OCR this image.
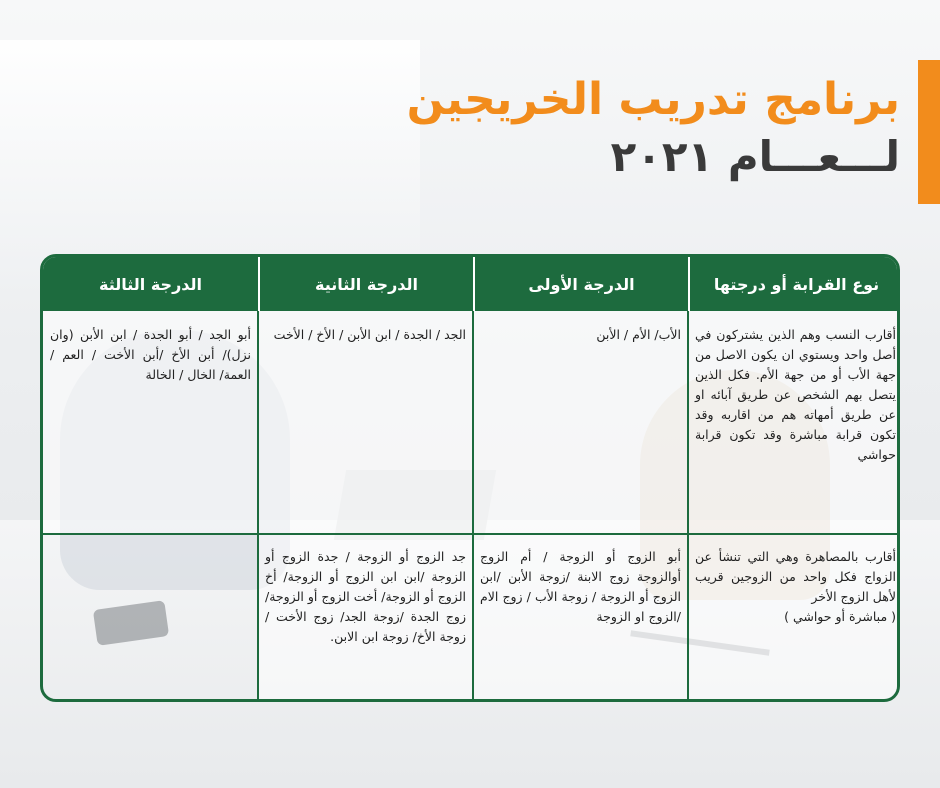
برنامج تدريب الخريجين
لـــعـــام ٢٠٢١
نوع القرابة أو درجتها
الدرجة الأولى
الدرجة الثانية
الدرجة الثالثة
أقارب النسب وهم الذين يشتركون في أصل واحد ويستوي ان يكون الاصل من جهة الأب أو من جهة الأم. فكل الذين يتصل بهم الشخص عن طريق آبائه او عن طريق أمهاته هم من اقاربه وقد تكون قرابة مباشرة وقد تكون قرابة حواشي
الأب/ الأم / الأبن
الجد / الجدة / ابن الأبن / الأخ / الأخت
أبو الجد / أبو الجدة / ابن الأبن (وان نزل)/ أبن الأخ /أبن الأخت / العم / العمة/ الخال / الخالة
أقارب بالمصاهرة وهي التي تنشأ عن الزواج فكل واحد من الزوجين قريب لأهل الزوج الأخر
( مباشرة أو حواشي )
أبو الزوج أو الزوجة / أم الزوج أوالزوجة زوج الابنة /زوجة الأبن /ابن الزوج أو الزوجة / زوجة الأب / زوج الام /الزوج او الزوجة
جد الزوج أو الزوجة / جدة الزوج أو الزوجة /ابن ابن الزوج أو الزوجة/ أخ الزوج أو الزوجة/ أخت الزوج أو الزوجة/ زوج الجدة /زوجة الجد/ زوج الأخت / زوجة الأخ/ زوجة ابن الابن.
